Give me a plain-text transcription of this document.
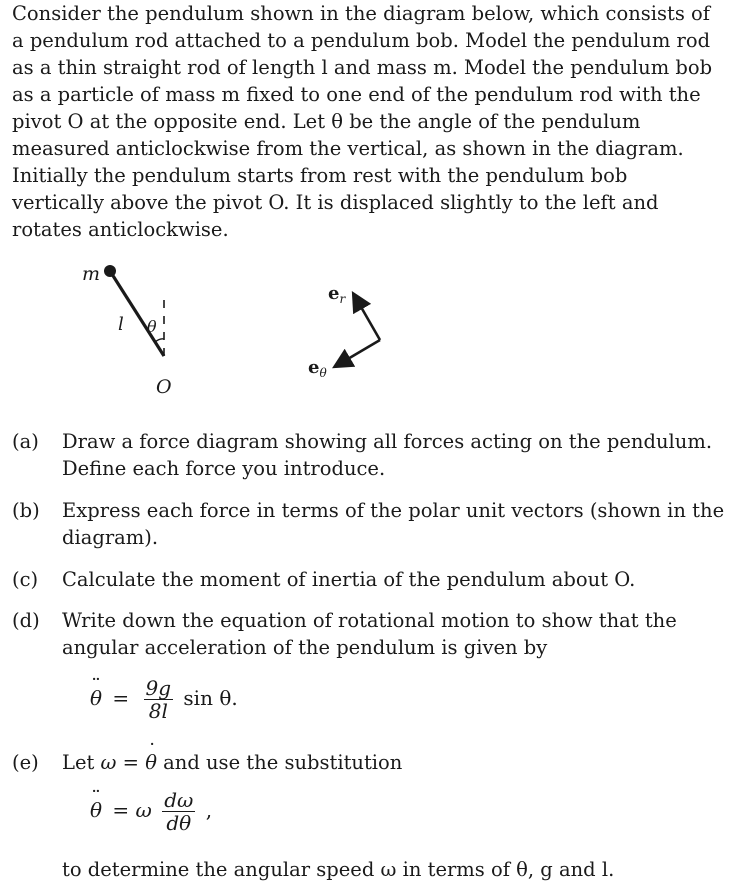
Consider the pendulum shown in the diagram below, which consists of
a pendulum rod attached to a pendulum bob. Model the pendulum rod
as a thin straight rod of length l and mass m. Model the pendulum bob
as a particle of mass m fixed to one end of the pendulum rod with the
pivot O at the opposite end. Let θ be the angle of the pendulum
measured anticlockwise from the vertical, as shown in the diagram.
Initially the pendulum starts from rest with the pendulum bob
vertically above the pivot O. It is displaced slightly to the left and
rotates anticlockwise.
m
l θ
O
$e_r$
$e_\theta$
(a) Draw a force diagram showing all forces acting on the pendulum.
Define each force you introduce.
(b) Express each force in terms of the polar unit vectors (shown in the
diagram).
(c) Calculate the moment of inertia of the pendulum about O.
(d) Write down the equation of rotational motion to show that the
angular acceleration of the pendulum is given by
¨ $\theta = \frac{9g}{8l}$ sin θ.
(e) Let ω = ˙ θ and use the substitution
¨ θ = ω $\frac{d\omega}{d\theta}$ ,
to determine the angular speed ω in terms of θ, g and l.
